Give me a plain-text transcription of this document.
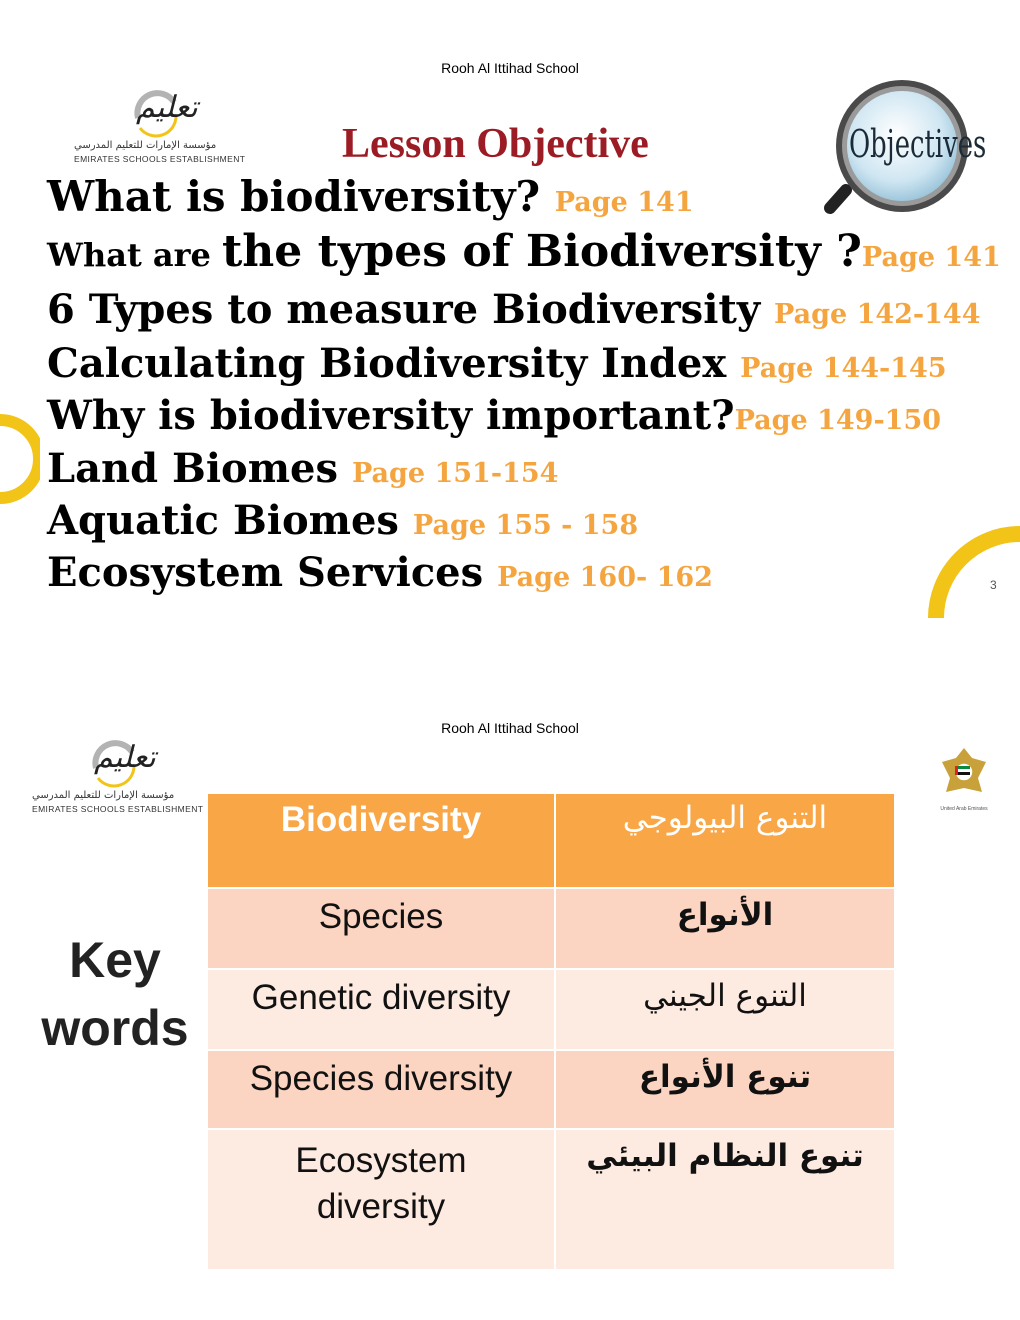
Rooh Al Ittihad School
تعليم
مؤسسة الإمارات للتعليم المدرسي
EMIRATES SCHOOLS ESTABLISHMENT Lesson Objective	Objectives
What is biodiversity? Page 141
What are the types of Biodiversity ?Page 141
6 Types to measure Biodiversity Page 142-144
Calculating Biodiversity Index Page 144-145
Why is biodiversity important?Page 149-150
Land Biomes Page 151-154
Aquatic Biomes Page 155 - 158
Ecosystem Services Page 160- 162	3
Rooh Al Ittihad School
تعليم
مؤسسة الإمارات للتعليم المدرسي
EMIRATES SCHOOLS ESTABLISHMENT	United Arab Emirates
Key
words
Biodiversity	التنوع البيولوجي
Species	الأنواع
Genetic diversity	التنوع الجيني
Species diversity	تنوع الأنواع
Ecosystem diversity	تنوع النظام البيئي
